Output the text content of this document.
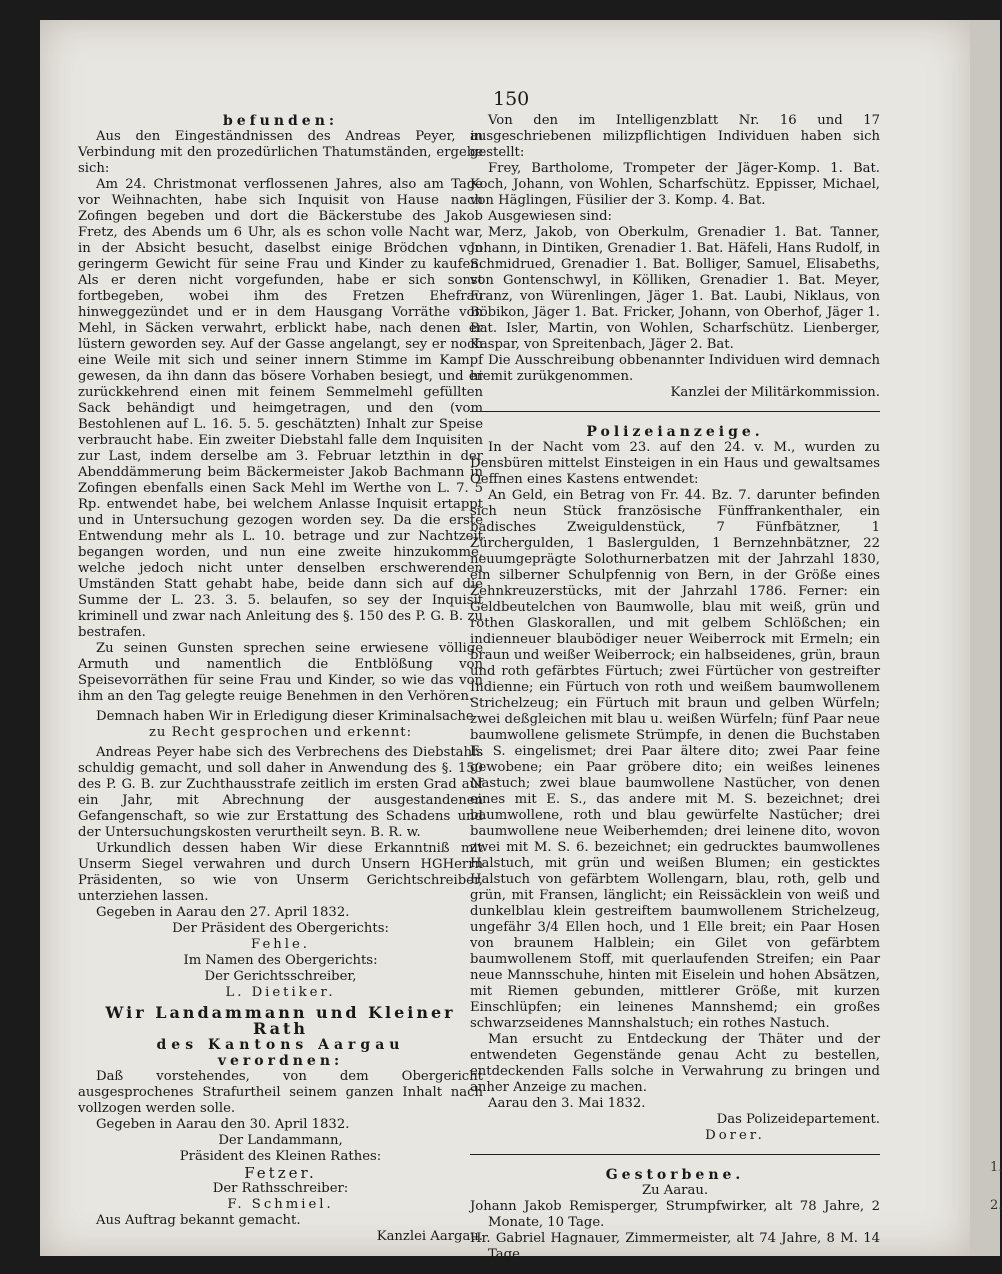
150
1.
2.

befunden:

Aus den Eingeständnissen des Andreas Peyer, in Verbindung mit den prozedürlichen Thatumständen, ergebe sich:

Am 24. Christmonat verflossenen Jahres, also am Tage vor Weihnachten, habe sich Inquisit von Hause nach Zofingen begeben und dort die Bäckerstube des Jakob Fretz, des Abends um 6 Uhr, als es schon volle Nacht war, in der Absicht besucht, daselbst einige Brödchen von geringerm Gewicht für seine Frau und Kinder zu kaufen. Als er deren nicht vorgefunden, habe er sich sonst fortbegeben, wobei ihm des Fretzen Ehefrau hinweggezündet und er in dem Hausgang Vorräthe von Mehl, in Säcken verwahrt, erblickt habe, nach denen er lüstern geworden sey. Auf der Gasse angelangt, sey er noch eine Weile mit sich und seiner innern Stimme im Kampf gewesen, da ihn dann das bösere Vorhaben besiegt, und er zurückkehrend einen mit feinem Semmelmehl gefüllten Sack behändigt und heimgetragen, und den (vom Bestohlenen auf L. 16. 5. 5. geschätzten) Inhalt zur Speise verbraucht habe. Ein zweiter Diebstahl falle dem Inquisiten zur Last, indem derselbe am 3. Februar letzthin in der Abenddämmerung beim Bäckermeister Jakob Bachmann in Zofingen ebenfalls einen Sack Mehl im Werthe von L. 7. 5 Rp. entwendet habe, bei welchem Anlasse Inquisit ertappt und in Untersuchung gezogen worden sey. Da die erste Entwendung mehr als L. 10. betrage und zur Nachtzeit begangen worden, und nun eine zweite hinzukomme, welche jedoch nicht unter denselben erschwerenden Umständen Statt gehabt habe, beide dann sich auf die Summe der L. 23. 3. 5. belaufen, so sey der Inquisit kriminell und zwar nach Anleitung des §. 150 des P. G. B. zu bestrafen.

Zu seinen Gunsten sprechen seine erwiesene völlige Armuth und namentlich die Entblößung von Speisevorräthen für seine Frau und Kinder, so wie das von ihm an den Tag gelegte reuige Benehmen in den Verhören.

Demnach haben Wir in Erledigung dieser Kriminalsache

zu Recht gesprochen und erkennt:

Andreas Peyer habe sich des Verbrechens des Diebstahls schuldig gemacht, und soll daher in Anwendung des §. 150 des P. G. B. zur Zuchthausstrafe zeitlich im ersten Grad auf ein Jahr, mit Abrechnung der ausgestandenen Gefangenschaft, so wie zur Erstattung des Schadens und der Untersuchungskosten verurtheilt seyn. B. R. w.

Urkundlich dessen haben Wir diese Erkanntniß mit Unserm Siegel verwahren und durch Unsern HGHerrn Präsidenten, so wie von Unserm Gerichtschreiber, unterziehen lassen.

Gegeben in Aarau den 27. April 1832.

Der Präsident des Obergerichts:

Fehle.

Im Namen des Obergerichts:

Der Gerichtsschreiber,

L. Dietiker.

Wir Landammann und Kleiner Rath

des Kantons Aargau

verordnen:

Daß vorstehendes, von dem Obergericht ausgesprochenes Strafurtheil seinem ganzen Inhalt nach vollzogen werden solle.

Gegeben in Aarau den 30. April 1832.

Der Landammann,

Präsident des Kleinen Rathes:

Fetzer.

Der Rathsschreiber:

F. Schmiel.

Aus Auftrag bekannt gemacht.

Kanzlei Aargau.

Von den im Intelligenzblatt Nr. 16 und 17 ausgeschriebenen milizpflichtigen Individuen haben sich gestellt:

Frey, Bartholome, Trompeter der Jäger-Komp. 1. Bat. Koch, Johann, von Wohlen, Scharfschütz. Eppisser, Michael, von Häglingen, Füsilier der 3. Komp. 4. Bat.

Ausgewiesen sind:

Merz, Jakob, von Oberkulm, Grenadier 1. Bat. Tanner, Johann, in Dintiken, Grenadier 1. Bat. Häfeli, Hans Rudolf, in Schmidrued, Grenadier 1. Bat. Bolliger, Samuel, Elisabeths, von Gontenschwyl, in Kölliken, Grenadier 1. Bat. Meyer, Franz, von Würenlingen, Jäger 1. Bat. Laubi, Niklaus, von Böbikon, Jäger 1. Bat. Fricker, Johann, von Oberhof, Jäger 1. Bat. Isler, Martin, von Wohlen, Scharfschütz. Lienberger, Kaspar, von Spreitenbach, Jäger 2. Bat.

Die Ausschreibung obbenannter Individuen wird demnach hiemit zurükgenommen.

Kanzlei der Militärkommission.

Polizeianzeige.

In der Nacht vom 23. auf den 24. v. M., wurden zu Densbüren mittelst Einsteigen in ein Haus und gewaltsames Oeffnen eines Kastens entwendet:

An Geld, ein Betrag von Fr. 44. Bz. 7. darunter befinden sich neun Stück französische Fünffrankenthaler, ein badisches Zweiguldenstück, 7 Fünfbätzner, 1 Zürchergulden, 1 Baslergulden, 1 Bernzehnbätzner, 22 neuumgeprägte Solothurnerbatzen mit der Jahrzahl 1830, ein silberner Schulpfennig von Bern, in der Größe eines Zehnkreuzerstücks, mit der Jahrzahl 1786. Ferner: ein Geldbeutelchen von Baumwolle, blau mit weiß, grün und rothen Glaskorallen, und mit gelbem Schlößchen; ein indienneuer blaubödiger neuer Weiberrock mit Ermeln; ein braun und weißer Weiberrock; ein halbseidenes, grün, braun und roth gefärbtes Fürtuch; zwei Fürtücher von gestreifter Indienne; ein Fürtuch von roth und weißem baumwollenem Strichelzeug; ein Fürtuch mit braun und gelben Würfeln; zwei deßgleichen mit blau u. weißen Würfeln; fünf Paar neue baumwollene gelismete Strümpfe, in denen die Buchstaben E. S. eingelismet; drei Paar ältere dito; zwei Paar feine gewobene; ein Paar gröbere dito; ein weißes leinenes Nastuch; zwei blaue baumwollene Nastücher, von denen eines mit E. S., das andere mit M. S. bezeichnet; drei baumwollene, roth und blau gewürfelte Nastücher; drei baumwollene neue Weiberhemden; drei leinene dito, wovon zwei mit M. S. 6. bezeichnet; ein gedrucktes baumwollenes Halstuch, mit grün und weißen Blumen; ein gesticktes Halstuch von gefärbtem Wollengarn, blau, roth, gelb und grün, mit Fransen, länglicht; ein Reissäcklein von weiß und dunkelblau klein gestreiftem baumwollenem Strichelzeug, ungefähr 3/4 Ellen hoch, und 1 Elle breit; ein Paar Hosen von braunem Halblein; ein Gilet von gefärbtem baumwollenem Stoff, mit querlaufenden Streifen; ein Paar neue Mannsschuhe, hinten mit Eiselein und hohen Absätzen, mit Riemen gebunden, mittlerer Größe, mit kurzen Einschlüpfen; ein leinenes Mannshemd; ein großes schwarzseidenes Mannshalstuch; ein rothes Nastuch.

Man ersucht zu Entdeckung der Thäter und der entwendeten Gegenstände genau Acht zu bestellen, entdeckenden Falls solche in Verwahrung zu bringen und anher Anzeige zu machen.

Aarau den 3. Mai 1832.

Das Polizeidepartement.

Dorer.

Gestorbene.

Zu Aarau.

Johann Jakob Remisperger, Strumpfwirker, alt 78 Jahre, 2 Monate, 10 Tage.

Hr. Gabriel Hagnauer, Zimmermeister, alt 74 Jahre, 8 M. 14 Tage.
